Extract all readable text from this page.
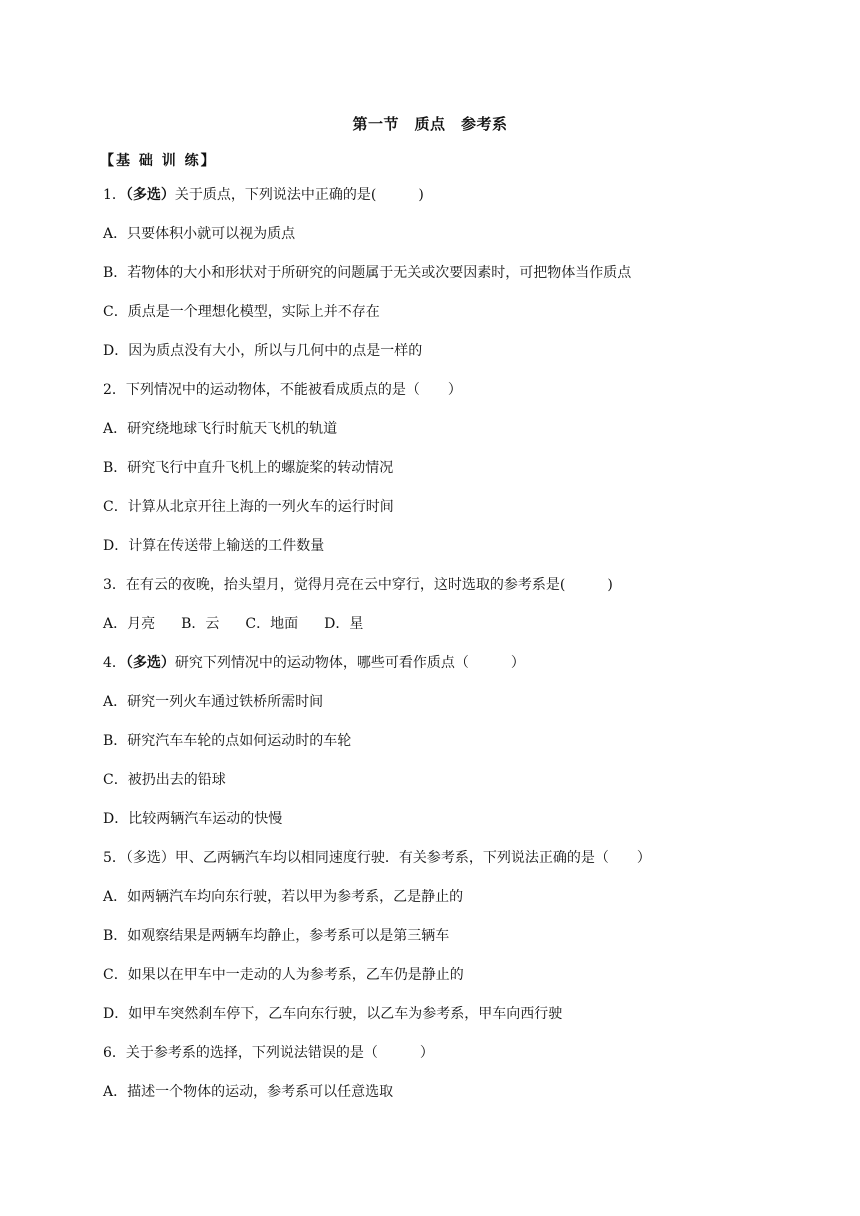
第一节　质点　参考系
【基 础 训 练】
1．（多选）关于质点，下列说法中正确的是(　　　)
A．只要体积小就可以视为质点
B．若物体的大小和形状对于所研究的问题属于无关或次要因素时，可把物体当作质点
C．质点是一个理想化模型，实际上并不存在
D．因为质点没有大小，所以与几何中的点是一样的
2．下列情况中的运动物体，不能被看成质点的是（　　）
A．研究绕地球飞行时航天飞机的轨道
B．研究飞行中直升飞机上的螺旋桨的转动情况
C．计算从北京开往上海的一列火车的运行时间
D．计算在传送带上输送的工件数量
3．在有云的夜晚，抬头望月，觉得月亮在云中穿行，这时选取的参考系是(　　　)
A．月亮 B．云 C．地面 D．星
4．（多选）研究下列情况中的运动物体，哪些可看作质点（　　　）
A．研究一列火车通过铁桥所需时间
B．研究汽车车轮的点如何运动时的车轮
C．被扔出去的铅球
D．比较两辆汽车运动的快慢
5．（多选）甲、乙两辆汽车均以相同速度行驶．有关参考系，下列说法正确的是（　　）
A．如两辆汽车均向东行驶，若以甲为参考系，乙是静止的
B．如观察结果是两辆车均静止，参考系可以是第三辆车
C．如果以在甲车中一走动的人为参考系，乙车仍是静止的
D．如甲车突然刹车停下，乙车向东行驶，以乙车为参考系，甲车向西行驶
6．关于参考系的选择，下列说法错误的是（　　　）
A．描述一个物体的运动，参考系可以任意选取
